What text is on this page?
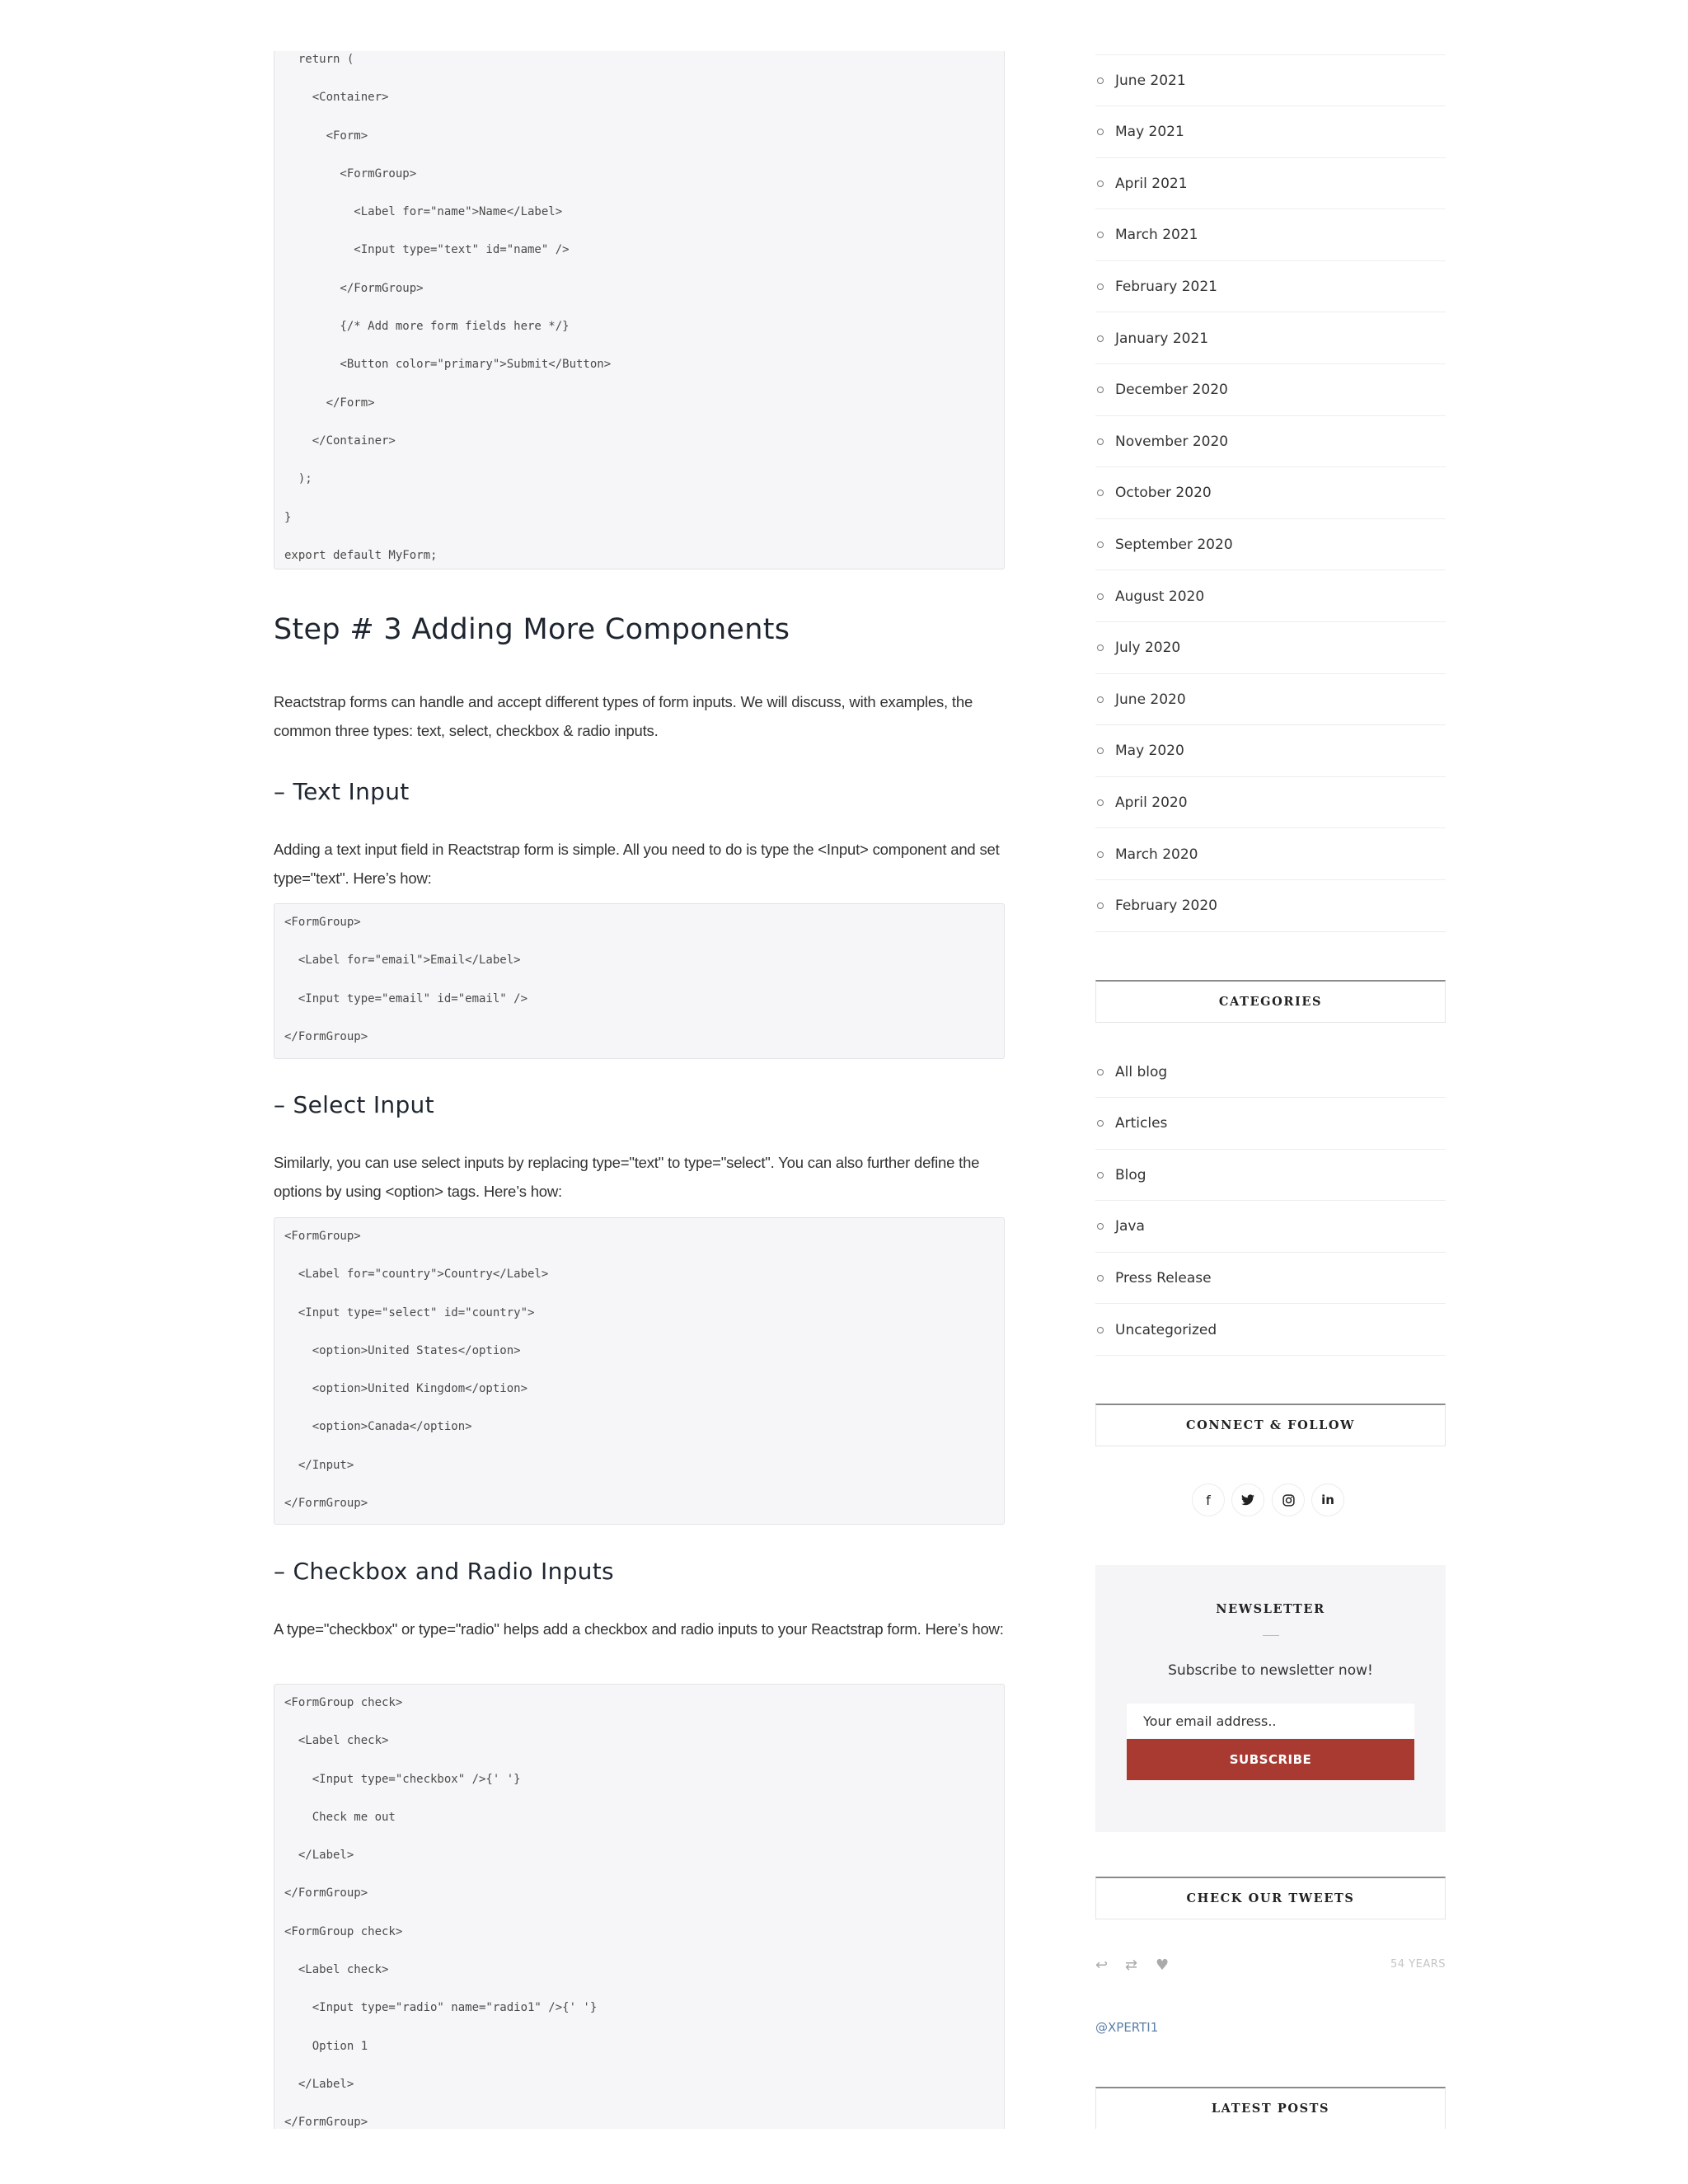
return (
<Container>
<Form>
<FormGroup>
<Label for="name">Name</Label>
<Input type="text" id="name" />
</FormGroup>
{/* Add more form fields here */}
<Button color="primary">Submit</Button>
</Form>
</Container>
);
}
export default MyForm;
Step # 3 Adding More Components

Reactstrap forms can handle and accept different types of form inputs. We will discuss, with examples, the common three types: text, select, checkbox & radio inputs.

– Text Input

Adding a text input field in Reactstrap form is simple. All you need to do is type the <Input> component and set type="text". Here’s how:

<FormGroup>
<Label for="email">Email</Label>
<Input type="email" id="email" />
</FormGroup>
– Select Input

Similarly, you can use select inputs by replacing type="text" to type="select". You can also further define the options by using <option> tags. Here’s how:

<FormGroup>
<Label for="country">Country</Label>
<Input type="select" id="country">
<option>United States</option>
<option>United Kingdom</option>
<option>Canada</option>
</Input>
</FormGroup>
– Checkbox and Radio Inputs

A type="checkbox" or type="radio" helps add a checkbox and radio inputs to your Reactstrap form. Here’s how:

<FormGroup check>
<Label check>
<Input type="checkbox" />{' '}
Check me out
</Label>
</FormGroup>
<FormGroup check>
<Label check>
<Input type="radio" name="radio1" />{' '}
Option 1
</Label>
</FormGroup>
June 2021
May 2021
April 2021
March 2021
February 2021
January 2021
December 2020
November 2020
October 2020
September 2020
August 2020
July 2020
June 2020
May 2020
April 2020
March 2020
February 2020
CATEGORIES
All blog
Articles
Blog
Java
Press Release
Uncategorized
CONNECT & FOLLOW
f	in
NEWSLETTER
Subscribe to newsletter now!
Your email address..
SUBSCRIBE
CHECK OUR TWEETS
↩ ⇄ ♥	54 YEARS
@XPERTI1
LATEST POSTS
